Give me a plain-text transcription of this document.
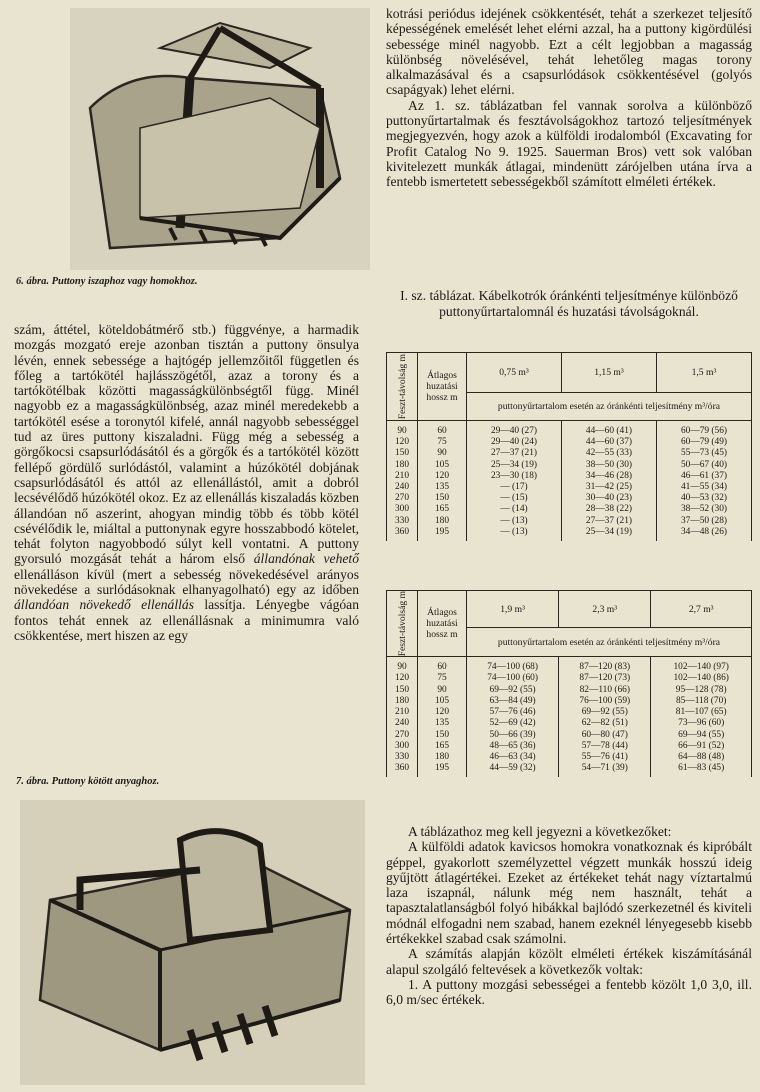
6. ábra. Puttony iszaphoz vagy homokhoz.

szám, áttétel, köteldobátmérő stb.) függvénye, a harmadik mozgás mozgató ereje azonban tisztán a puttony önsulya lévén, ennek sebessége a hajtógép jellemzőitől független és főleg a tartókötél hajlásszögétől, azaz a torony és a tartókötélbak közötti magasságkülönbségtől függ. Minél nagyobb ez a magasságkülönbség, azaz minél meredekebb a tartókötél esése a toronytól kifelé, annál nagyobb sebességgel tud az üres puttony kiszaladni. Függ még a sebesség a görgőkocsi csapsurlódásától és a görgők és a tartókötél között fellépő gördülő surlódástól, valamint a húzókötél dobjának csapsurlódásától és attól az ellenállástól, amit a dobról lecsévélődő húzókötél okoz. Ez az ellenállás kiszaladás közben állandóan nő aszerint, ahogyan mindig több és több kötél csévélődik le, miáltal a puttonynak egyre hosszabbodó kötelet, tehát folyton nagyobbodó súlyt kell vontatni. A puttony gyorsuló mozgását tehát a három első állandónak vehető ellenálláson kívül (mert a sebesség növekedésével arányos növekedése a surlódásoknak elhanyagolható) egy az időben állandóan növekedő ellenállás lassítja. Lényegbe vágóan fontos tehát ennek az ellenállásnak a minimumra való csökkentése, mert hiszen az egy

7. ábra. Puttony kötött anyaghoz.

kotrási periódus idejének csökkentését, tehát a szerkezet teljesítő képességének emelését lehet elérni azzal, ha a puttony kigördülési sebessége minél nagyobb. Ezt a célt legjobban a magasság különbség növelésével, tehát lehetőleg magas torony alkalmazásával és a csapsurlódások csökkentésével (golyós csapágyak) lehet elérni.

Az 1. sz. táblázatban fel vannak sorolva a különböző puttonyűrtartalmak és fesztávolságokhoz tartozó teljesítmények megjegyezvén, hogy azok a külföldi irodalomból (Excavating for Profit Catalog No 9. 1925. Sauerman Bros) vett sok valóban kivitelezett munkák átlagai, mindenütt zárójelben utána írva a fentebb ismertetett sebességekből számított elméleti értékek.

I. sz. táblázat. Kábelkotrók óránkénti teljesítménye különböző puttonyűrtartalomnál és huzatási távolságoknál.

Feszt-távolság m	Átlagos huzatási hossz m	0,75 m³	1,15 m³	1,5 m³
		puttonyűrtartalom esetén az óránkénti teljesítmény m³/óra		
90	60	29—40 (27)	44—60 (41)	60—79 (56)
120	75	29—40 (24)	44—60 (37)	60—79 (49)
150	90	27—37 (21)	42—55 (33)	55—73 (45)
180	105	25—34 (19)	38—50 (30)	50—67 (40)
210	120	23—30 (18)	34—46 (28)	46—61 (37)
240	135	— (17)	31—42 (25)	41—55 (34)
270	150	— (15)	30—40 (23)	40—53 (32)
300	165	— (14)	28—38 (22)	38—52 (30)
330	180	— (13)	27—37 (21)	37—50 (28)
360	195	— (13)	25—34 (19)	34—48 (26)
Feszt-távolság m	Átlagos huzatási hossz m	1,9 m³	2,3 m³	2,7 m³
		puttonyűrtartalom esetén az óránkénti teljesítmény m³/óra		
90	60	74—100 (68)	87—120 (83)	102—140 (97)
120	75	74—100 (60)	87—120 (73)	102—140 (86)
150	90	69—92 (55)	82—110 (66)	95—128 (78)
180	105	63—84 (49)	76—100 (59)	85—118 (70)
210	120	57—76 (46)	69—92 (55)	81—107 (65)
240	135	52—69 (42)	62—82 (51)	73—96 (60)
270	150	50—66 (39)	60—80 (47)	69—94 (55)
300	165	48—65 (36)	57—78 (44)	66—91 (52)
330	180	46—63 (34)	55—76 (41)	64—88 (48)
360	195	44—59 (32)	54—71 (39)	61—83 (45)

A táblázathoz meg kell jegyezni a következőket:

A külföldi adatok kavicsos homokra vonatkoznak és kipróbált géppel, gyakorlott személyzettel végzett munkák hosszú ideig gyűjtött átlagértékei. Ezeket az értékeket tehát nagy víztartalmú laza iszapnál, nálunk még nem használt, tehát a tapasztalatlanságból folyó hibákkal bajlódó szerkezetnél és kiviteli módnál elfogadni nem szabad, hanem ezeknél lényegesebb kisebb értékekkel szabad csak számolni.

A számítás alapján közölt elméleti értékek kiszámításánál alapul szolgáló feltevések a következők voltak:

1. A puttony mozgási sebességei a fentebb közölt 1,0 3,0, ill. 6,0 m/sec értékek.
